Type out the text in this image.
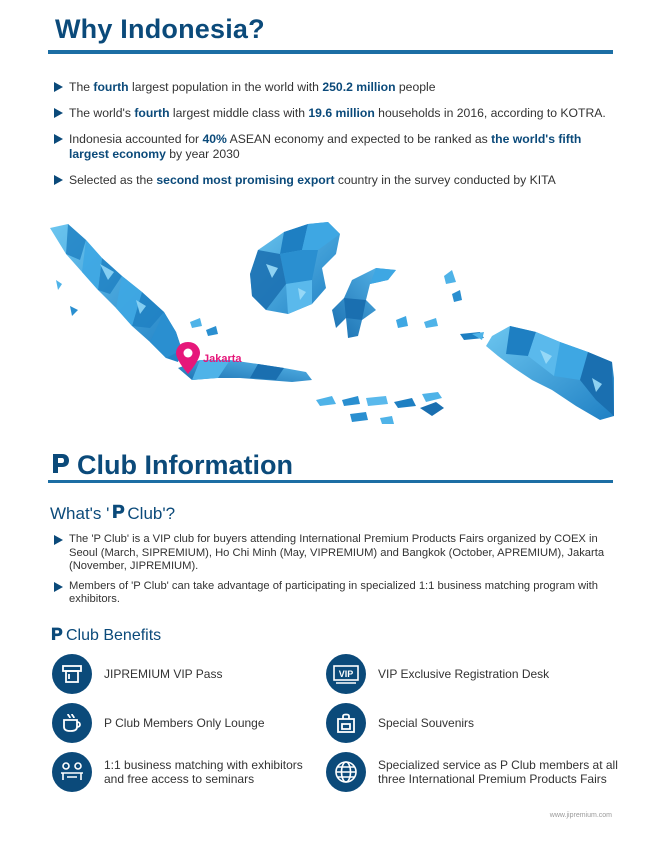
Why Indonesia?
The fourth largest population in the world with 250.2 million people
The world's fourth largest middle class with 19.6 million households in 2016, according to KOTRA.
Indonesia accounted for 40% ASEAN economy and expected to be ranked as the world's fifth largest economy by year 2030
Selected as the second most promising export country in the survey conducted by KITA
Jakarta
Club Information
What's ' Club'?
The 'P Club' is a VIP club for buyers attending International Premium Products Fairs organized by COEX in Seoul (March, SIPREMIUM), Ho Chi Minh (May, VIPREMIUM) and Bangkok (October, APREMIUM), Jakarta (November, JIPREMIUM).
Members of 'P Club' can take advantage of participating in specialized 1:1 business matching program with exhibitors.
Club Benefits
JIPREMIUM VIP Pass	VIP VIP Exclusive Registration Desk
P Club Members Only Lounge	Special Souvenirs
1:1 business matching with exhibitors
and free access to seminars
Specialized service as P Club members at all
three International Premium Products Fairs
www.jipremium.com
